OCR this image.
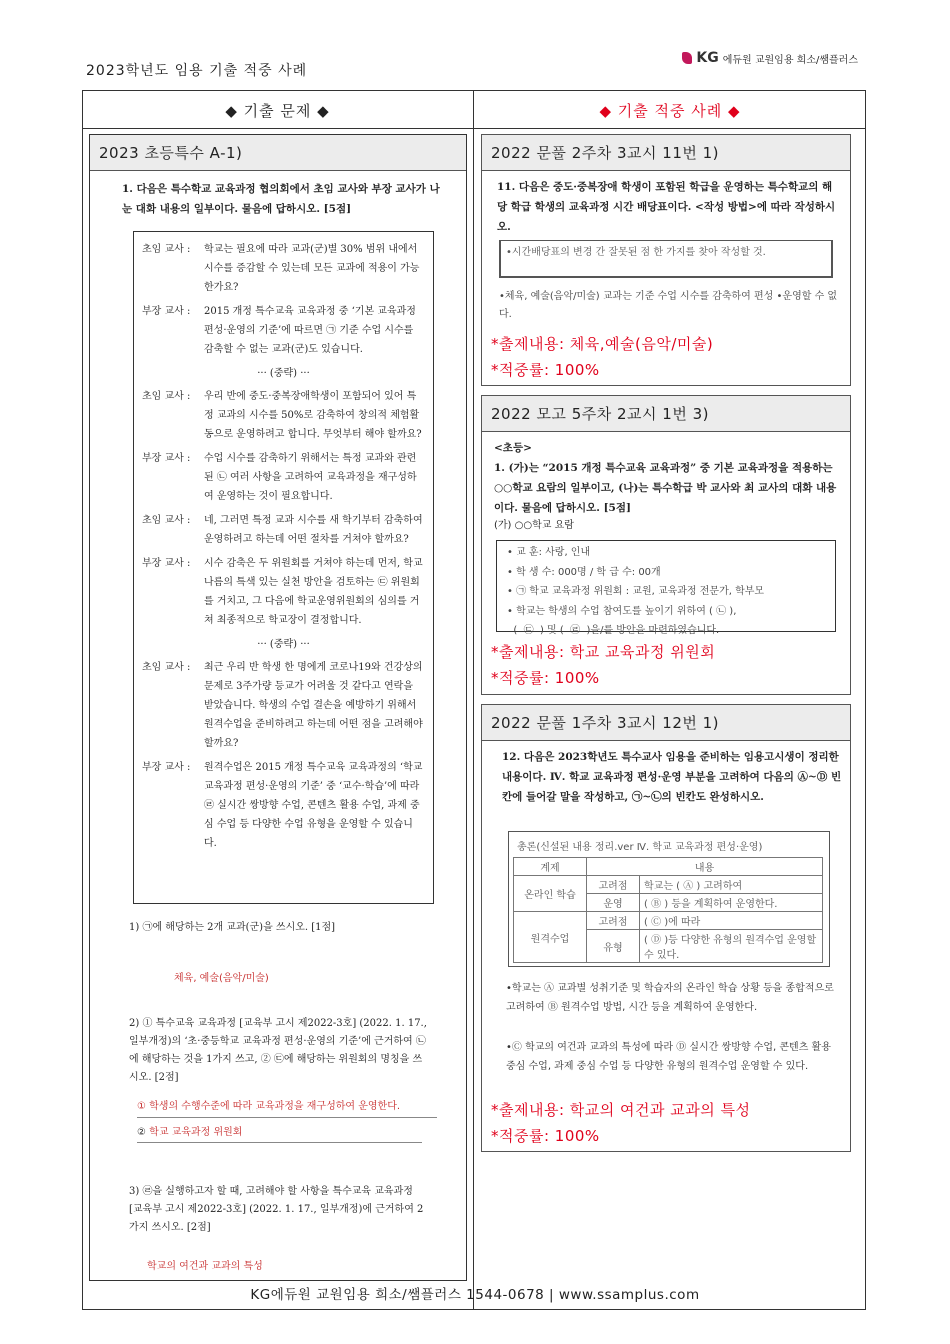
2023학년도 임용 기출 적중 사례
KG 에듀원 교원임용 희소/쌤플러스
◆ 기출 문제 ◆	◆ 기출 적중 사례 ◆
2023 초등특수 A-1)
1. 다음은 특수학교 교육과정 협의회에서 초임 교사와 부장 교사가 나눈 대화 내용의 일부이다. 물음에 답하시오. [5점]
초임 교사 :	학교는 필요에 따라 교과(군)별 30% 범위 내에서 시수를 증감할 수 있는데 모든 교과에 적용이 가능한가요?
부장 교사 :	2015 개정 특수교육 교육과정 중 ‘기본 교육과정 편성·운영의 기준’에 따르면 ㉠ 기준 수업 시수를 감축할 수 없는 교과(군)도 있습니다.
··· (중략) ···
초임 교사 :	우리 반에 중도·중복장애학생이 포함되어 있어 특정 교과의 시수를 50%로 감축하여 창의적 체험활동으로 운영하려고 합니다. 무엇부터 해야 할까요?
부장 교사 :	수업 시수를 감축하기 위해서는 특정 교과와 관련된 ㉡ 여러 사항을 고려하여 교육과정을 재구성하여 운영하는 것이 필요합니다.
초임 교사 :	네, 그러면 특정 교과 시수를 새 학기부터 감축하여 운영하려고 하는데 어떤 절차를 거쳐야 할까요?
부장 교사 :	시수 감축은 두 위원회를 거쳐야 하는데 먼저, 학교 나름의 특색 있는 실천 방안을 검토하는 ㉢ 위원회를 거치고, 그 다음에 학교운영위원회의 심의를 거쳐 최종적으로 학교장이 결정합니다.
··· (중략) ···
초임 교사 :	최근 우리 반 학생 한 명에게 코로나19와 건강상의 문제로 3주가량 등교가 어려울 것 같다고 연락을 받았습니다. 학생의 수업 결손을 예방하기 위해서 원격수업을 준비하려고 하는데 어떤 점을 고려해야 할까요?
부장 교사 :	원격수업은 2015 개정 특수교육 교육과정의 ‘학교 교육과정 편성·운영의 기준’ 중 ‘교수·학습’에 따라 ㉣ 실시간 쌍방향 수업, 콘텐츠 활용 수업, 과제 중심 수업 등 다양한 수업 유형을 운영할 수 있습니다.
1) ㉠에 해당하는 2개 교과(군)을 쓰시오. [1점]
체육, 예술(음악/미술)
2) ① 특수교육 교육과정 [교육부 고시 제2022-3호] (2022. 1. 17., 일부개정)의 ‘초·중등학교 교육과정 편성·운영의 기준’에 근거하여 ㉡에 해당하는 것을 1가지 쓰고, ② ㉢에 해당하는 위원회의 명칭을 쓰시오. [2점]
① 학생의 수행수준에 따라 교육과정을 재구성하여 운영한다.
② 학교 교육과정 위원회
3) ㉣을 실행하고자 할 때, 고려해야 할 사항을 특수교육 교육과정 [교육부 고시 제2022-3호] (2022. 1. 17., 일부개정)에 근거하여 2가지 쓰시오. [2점]
학교의 여건과 교과의 특성
2022 문풀 2주차 3교시 11번 1)
11. 다음은 중도·중복장애 학생이 포함된 학급을 운영하는 특수학교의 해당 학급 학생의 교육과정 시간 배당표이다. <작성 방법>에 따라 작성하시오.
•시간배당표의 변경 간 잘못된 점 한 가지를 찾아 작성할 것.
•체육, 예술(음악/미술) 교과는 기준 수업 시수를 감축하여 편성 •운영할 수 없다.
*출제내용: 체육,예술(음악/미술)
*적중률: 100%
2022 모고 5주차 2교시 1번 3)
<초등>
1. (가)는 “2015 개정 특수교육 교육과정” 중 기본 교육과정을 적용하는 ○○학교 요람의 일부이고, (나)는 특수학급 박 교사와 최 교사의 대화 내용이다. 물음에 답하시오. [5점]
(가) ○○학교 요람
• 교 훈: 사랑, 인내
• 학 생 수: 000명 / 학 급 수: 00개
• ㉠ 학교 교육과정 위원회 : 교원, 교육과정 전문가, 학부모
• 학교는 학생의 수업 참여도를 높이기 위하여 ( ㉡ ),
(  ㉢  ) 및 (  ㉣  )을/를 방안을 마련하였습니다.
*출제내용: 학교 교육과정 위원회
*적중률: 100%
2022 문풀 1주차 3교시 12번 1)
12. 다음은 2023학년도 특수교사 임용을 준비하는 임용고시생이 정리한 내용이다. Ⅳ. 학교 교육과정 편성·운영 부분을 고려하여 다음의 Ⓐ~Ⓓ 빈칸에 들어갈 말을 작성하고, ㉠~㉡의 빈칸도 완성하시오.
총론(신설된 내용 정리.ver Ⅳ. 학교 교육과정 편성·운영)
계제	내용	
온라인 학습	고려점	학교는 ( Ⓐ ) 고려하여
	운영	( Ⓑ ) 등을 계획하여 운영한다.
원격수업	고려점	( Ⓒ )에 따라
	유형	( Ⓓ )등 다양한 유형의 원격수업 운영할 수 있다.
•학교는 Ⓐ 교과별 성취기준 및 학습자의 온라인 학습 상황 등을 종합적으로 고려하여 Ⓑ 원격수업 방법, 시간 등을 계획하여 운영한다.
•Ⓒ 학교의 여건과 교과의 특성에 따라 Ⓓ 실시간 쌍방향 수업, 콘텐츠 활용 중심 수업, 과제 중심 수업 등 다양한 유형의 원격수업 운영할 수 있다.
*출제내용: 학교의 여건과 교과의 특성
*적중률: 100%
KG에듀원 교원임용 희소/쌤플러스 1544-0678 | www.ssamplus.com
